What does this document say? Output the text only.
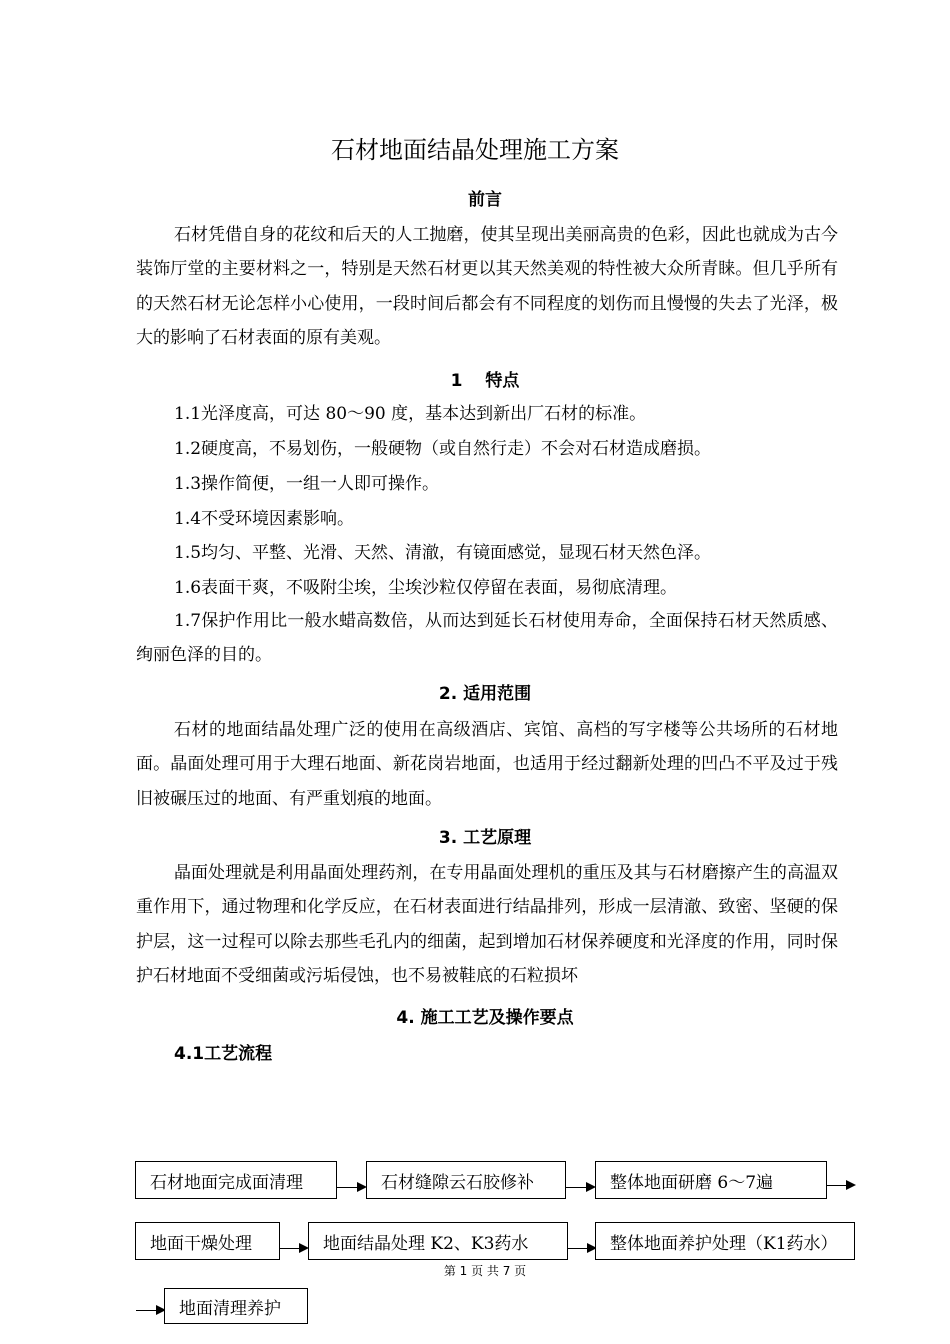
石材地面结晶处理施工方案
前言

石材凭借自身的花纹和后天的人工抛磨，使其呈现出美丽高贵的色彩，因此也就成为古今装饰厅堂的主要材料之一，特别是天然石材更以其天然美观的特性被大众所青睐。但几乎所有的天然石材无论怎样小心使用，一段时间后都会有不同程度的划伤而且慢慢的失去了光泽，极大的影响了石材表面的原有美观。

1　 特点
1.1光泽度高，可达 80～90 度，基本达到新出厂石材的标准。
1.2硬度高，不易划伤，一般硬物（或自然行走）不会对石材造成磨损。
1.3操作简便，一组一人即可操作。
1.4不受环境因素影响。
1.5均匀、平整、光滑、天然、清澈，有镜面感觉，显现石材天然色泽。
1.6表面干爽，不吸附尘埃，尘埃沙粒仅停留在表面，易彻底清理。

1.7保护作用比一般水蜡高数倍，从而达到延长石材使用寿命，全面保持石材天然质感、绚丽色泽的目的。

2. 适用范围

石材的地面结晶处理广泛的使用在高级酒店、宾馆、高档的写字楼等公共场所的石材地面。晶面处理可用于大理石地面、新花岗岩地面，也适用于经过翻新处理的凹凸不平及过于残旧被碾压过的地面、有严重划痕的地面。

3. 工艺原理

晶面处理就是利用晶面处理药剂，在专用晶面处理机的重压及其与石材磨擦产生的高温双重作用下，通过物理和化学反应，在石材表面进行结晶排列，形成一层清澈、致密、坚硬的保护层，这一过程可以除去那些毛孔内的细菌，起到增加石材保养硬度和光泽度的作用，同时保护石材地面不受细菌或污垢侵蚀，也不易被鞋底的石粒损坏

4. 施工工艺及操作要点
4.1工艺流程
石材地面完成面清理	石材缝隙云石胶修补	整体地面研磨 6～7遍
地面干燥处理	地面结晶处理 K2、K3药水	整体地面养护处理（K1药水）
地面清理养护
第 1 页 共 7 页
